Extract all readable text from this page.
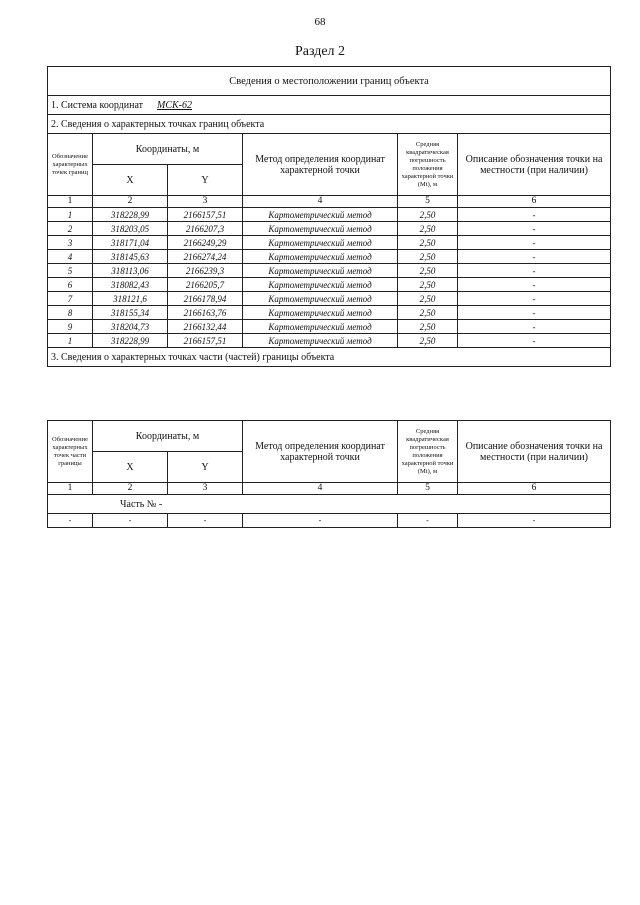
68
Раздел 2
Сведения о местоположении границ объекта					
1. Система координат МСК-62					
2. Сведения о характерных точках границ объекта					
Обозначение характерных точек границ	Координаты, м		Метод определения координат характерной точки	Средняя квадратическая погрешность положения характерной точки (Mt), м	Описание обозначения точки на местности (при наличии)
	X	Y			
1	2	3	4	5	6
1	318228,99	2166157,51	Картометрический метод	2,50	-
2	318203,05	2166207,3	Картометрический метод	2,50	-
3	318171,04	2166249,29	Картометрический метод	2,50	-
4	318145,63	2166274,24	Картометрический метод	2,50	-
5	318113,06	2166239,3	Картометрический метод	2,50	-
6	318082,43	2166205,7	Картометрический метод	2,50	-
7	318121,6	2166178,94	Картометрический метод	2,50	-
8	318155,34	2166163,76	Картометрический метод	2,50	-
9	318204,73	2166132,44	Картометрический метод	2,50	-
1	318228,99	2166157,51	Картометрический метод	2,50	-
3. Сведения о характерных точках части (частей) границы объекта					
Обозначение характерных точек части границы	Координаты, м		Метод определения координат характерной точки	Средняя квадратическая погрешность положения характерной точки (Mt), м	Описание обозначения точки на местности (при наличии)
	X	Y			
1	2	3	4	5	6
Часть № -					
-	-	-	-	-	-
